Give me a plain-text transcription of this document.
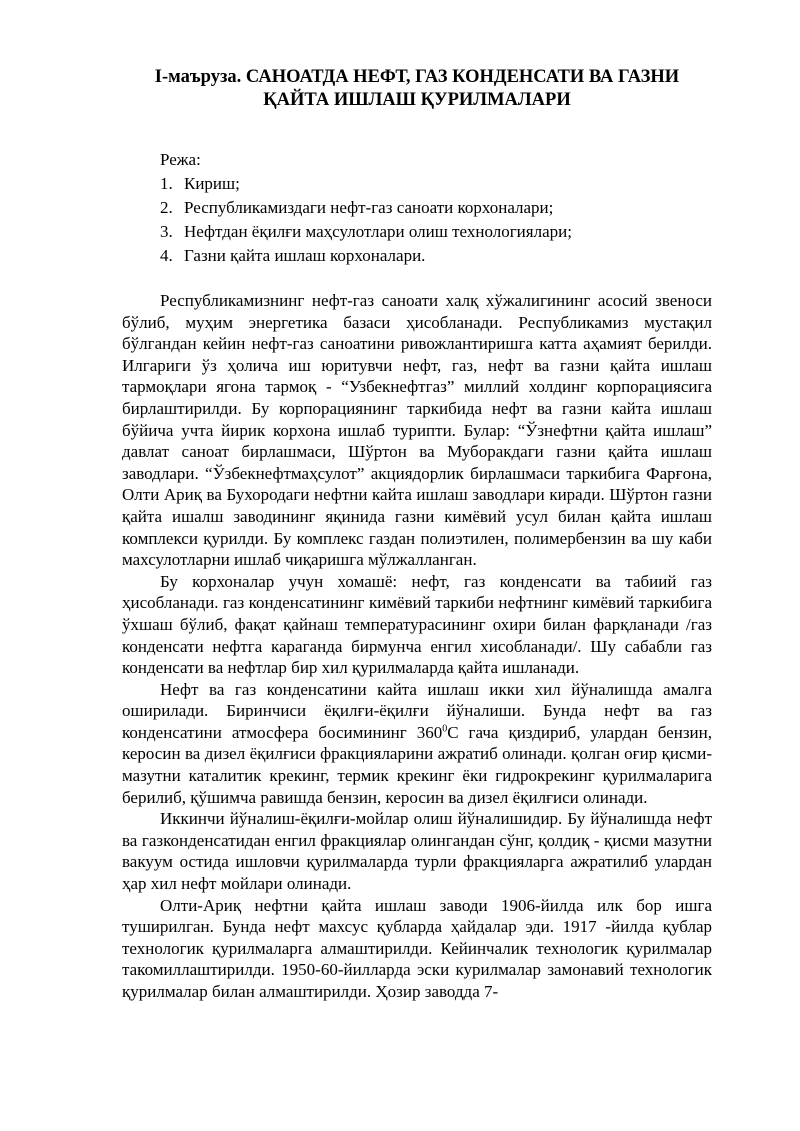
I-маъруза. САНОАТДА НЕФТ, ГАЗ КОНДЕНСАТИ ВА ГАЗНИ
ҚАЙТА ИШЛАШ ҚУРИЛМАЛАРИ

Режа:

1. Кириш;
2. Республикамиздаги нефт-газ саноати корхоналари;
3. Нефтдан ёқилғи маҳсулотлари олиш технологиялари;
4. Газни қайта ишлаш корхоналари.

Республикамизнинг нефт-газ саноати халқ хўжалигининг асосий звеноси бўлиб, муҳим энергетика базаси ҳисобланади. Республикамиз мустақил бўлгандан кейин нефт-газ саноатини ривожлантиришга катта аҳамият берилди. Илгариги ўз ҳолича иш юритувчи нефт, газ, нефт ва газни қайта ишлаш тармоқлари ягона тармоқ - “Узбекнефтгаз” миллий холдинг корпорациясига бирлаштирилди. Бу корпорациянинг таркибида нефт ва газни кайта ишлаш бўйича учта йирик корхона ишлаб турипти. Булар: “Ўзнефтни қайта ишлаш” давлат санoат бирлашмаси, Шўртон ва Муборакдаги газни қайта ишлаш заводлари. “Ўзбекнефтмаҳсулот” акциядорлик бирлашмаси таркибига Фарғона, Олти Ариқ ва Бухородаги нефтни кайта ишлаш заводлари киради. Шўртон газни қайта ишалш заводининг яқинида газни кимёвий усул билан қайта ишлаш комплекси қурилди. Бу комплекс газдан полиэтилен, полимербензин ва шу каби махсулотларни ишлаб чиқаришга мўлжалланган.

Бу корхоналар учун хомашё: нефт, газ конденсати ва табиий газ ҳисобланади. газ конденсатининг кимёвий таркиби нефтнинг кимёвий таркибига ўхшаш бўлиб, фақат қайнаш температурасининг охири билан фарқланади /газ конденсати нефтга караганда бирмунча енгил хисобланади/. Шу сабабли газ конденсати ва нефтлар бир хил қурилмаларда қайта ишланади.

Нефт ва газ конденсатини кайта ишлаш икки хил йўналишда амалга оширилади. Биринчиси ёқилғи-ёқилғи йўналиши. Бунда нефт ва газ конденсатини атмосфера босимининг $360^0С$ гача қиздириб, улардан бензин, керосин ва дизел ёқилғиси фракцияларини ажратиб олинади. қолган оғир қисми-мазутни каталитик крекинг, термик крекинг ёки гидрокрекинг қурилмаларига берилиб, қўшимча равишда бензин, керосин ва дизел ёқилғиси олинади.

Иккинчи йўналиш-ёқилғи-мойлар олиш йўналишидир. Бу йўналишда нефт ва газконденсатидан енгил фракциялар олингандан сўнг, қолдиқ - қисми мазутни вакуум остида ишловчи қурилмаларда турли фракцияларга ажратилиб улардан ҳар хил нефт мойлари олинади.

Олти-Ариқ нефтни қайта ишлаш заводи 1906-йилда илк бор ишга туширилган. Бунда нефт махсус қубларда ҳайдалар эди. 1917 -йилда қублар технологик қурилмаларга алмаштирилди. Кейинчалик технологик қурилмалар такомиллаштирилди. 1950-60-йилларда эски курилмалар замонавий технологик қурилмалар билан алмаштирилди. Ҳозир заводда 7-
